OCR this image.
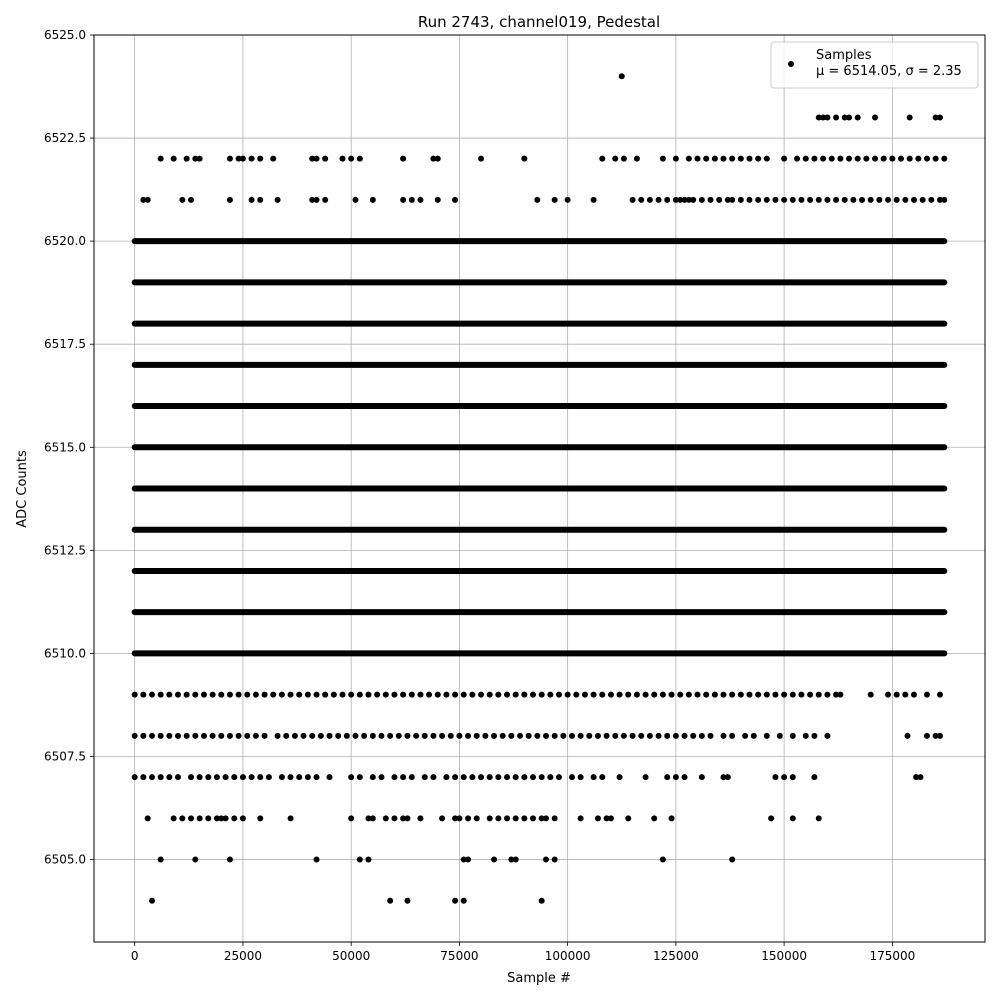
0	25000	50000	75000	100000	125000	150000	175000
6505.0
6507.5
6510.0
6512.5
6515.0
6517.5
6520.0
6522.5
6525.0
Run 2743, channel019, Pedestal
Sample #
ADC Counts
Samples
μ = 6514.05, σ = 2.35
